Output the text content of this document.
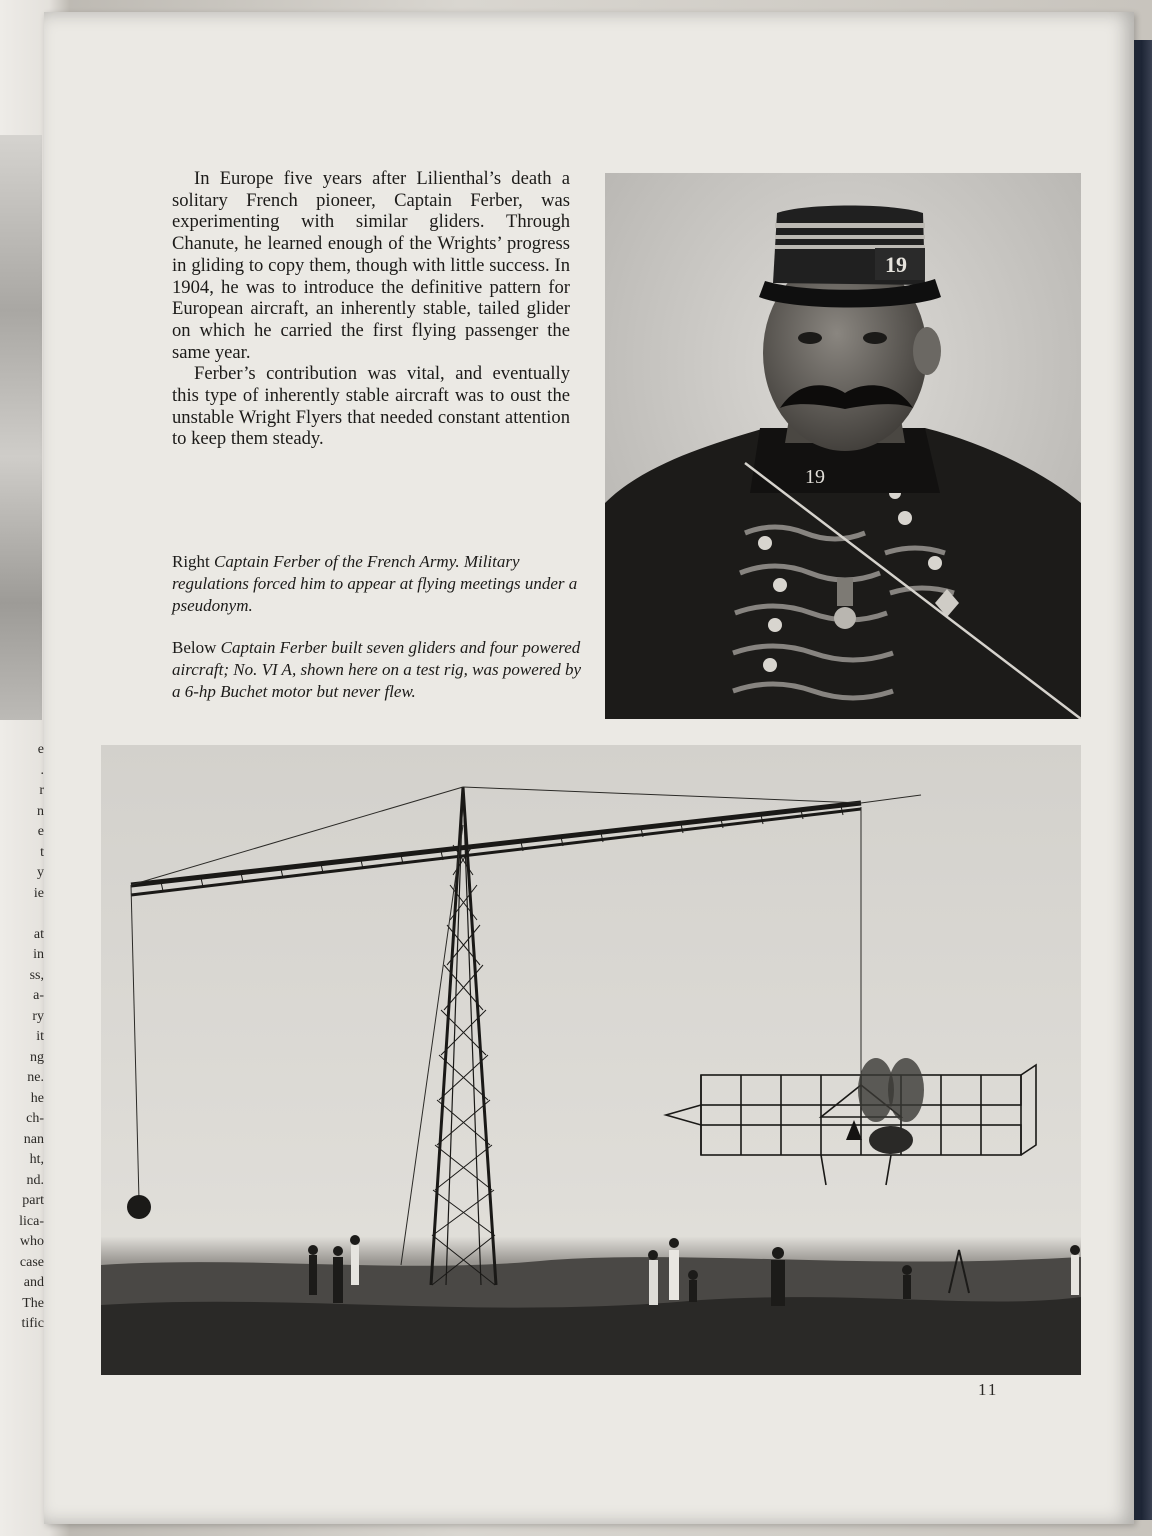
e
.
r
n
e
t
y
ie

at
in
ss,
a-
ry
it
ng
ne.
he
ch-
nan
ht,
nd.
part
lica-
who
case
and
The
tific

In Europe five years after Lilienthal’s death a solitary French pioneer, Captain Ferber, was experimenting with similar gliders. Through Chanute, he learned enough of the Wrights’ progress in gliding to copy them, though with little success. In 1904, he was to introduce the definitive pattern for European aircraft, an inherently stable, tailed glider on which he carried the first flying passenger the same year.

Ferber’s contribution was vital, and eventually this type of inherently stable aircraft was to oust the unstable Wright Flyers that needed constant attention to keep them steady.

19
19
Right Captain Ferber of the French Army. Military regulations forced him to appear at flying meetings under a pseudonym.
Below Captain Ferber built seven gliders and four powered aircraft; No. VI A, shown here on a test rig, was powered by a 6-hp Buchet motor but never flew.
11
